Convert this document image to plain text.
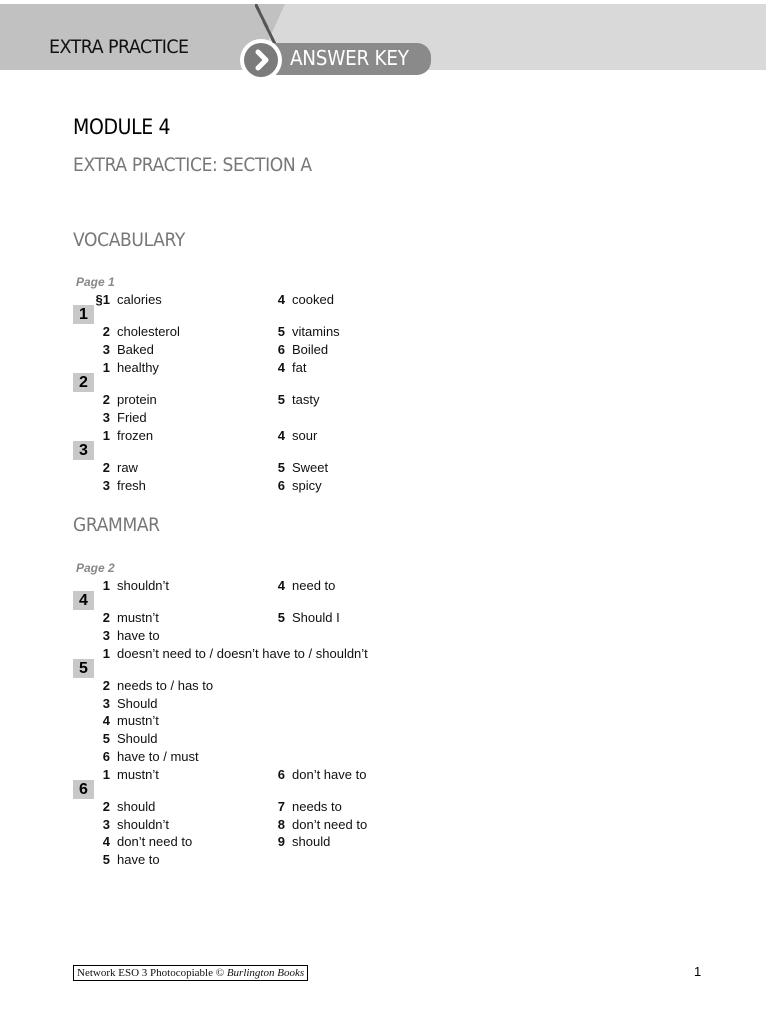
EXTRA PRACTICE	ANSWER KEY
MODULE 4
EXTRA PRACTICE: SECTION A
VOCABULARY
Page 1
GRAMMAR
Page 2
Network ESO 3 Photocopiable © Burlington Books	1
1
§1 calories
2 cholesterol
3 Baked
4 cooked
5 vitamins
6 Boiled
2
1 healthy
2 protein
3 Fried
4 fat
5 tasty
3
1 frozen
2 raw
3 fresh
4 sour
5 Sweet
6 spicy
4
1 shouldn’t
2 mustn’t
3 have to
4 need to
5 Should I
5
1 doesn’t need to / doesn’t have to / shouldn’t
2 needs to / has to
3 Should
4 mustn’t
5 Should
6 have to / must
6
1 mustn’t
2 should
3 shouldn’t
4 don’t need to
5 have to
6 don’t have to
7 needs to
8 don’t need to
9 should
